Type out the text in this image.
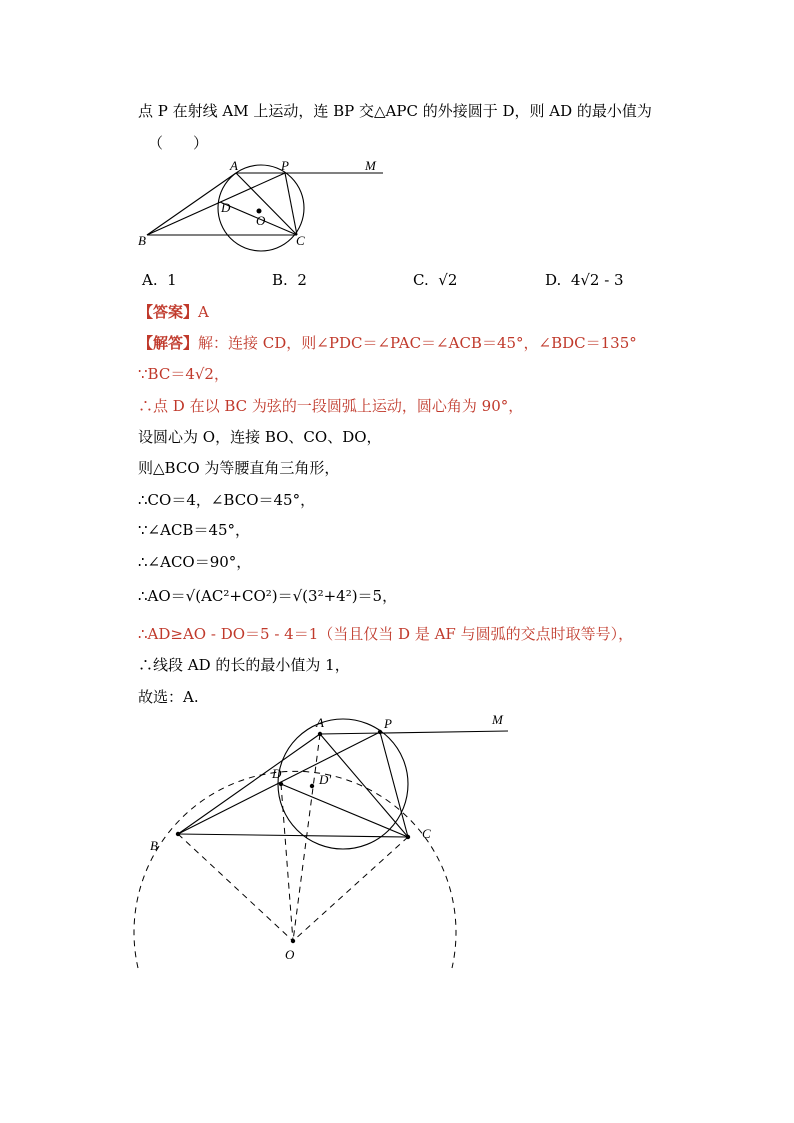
点 P 在射线 AM 上运动，连 BP 交△APC 的外接圆于 D，则 AD 的最小值为
（　　）
A	P	M
D
O
B	C
A. 1	B. 2	C. √2	D. 4√2 - 3
【答案】A
【解答】解：连接 CD，则∠PDC＝∠PAC＝∠ACB＝45°，∠BDC＝135°
∵BC＝4√2，
∴点 D 在以 BC 为弦的一段圆弧上运动，圆心角为 90°，
设圆心为 O，连接 BO、CO、DO，
则△BCO 为等腰直角三角形，
∴CO＝4，∠BCO＝45°，
∵∠ACB＝45°，
∴∠ACO＝90°，
∴AO＝√(AC²+CO²)＝√(3²+4²)＝5，
∴AD≥AO - DO＝5 - 4＝1（当且仅当 D 是 AF 与圆弧的交点时取等号），
∴线段 AD 的长的最小值为 1，
故选：A.
A	P	M
D	D′
B
C
O
